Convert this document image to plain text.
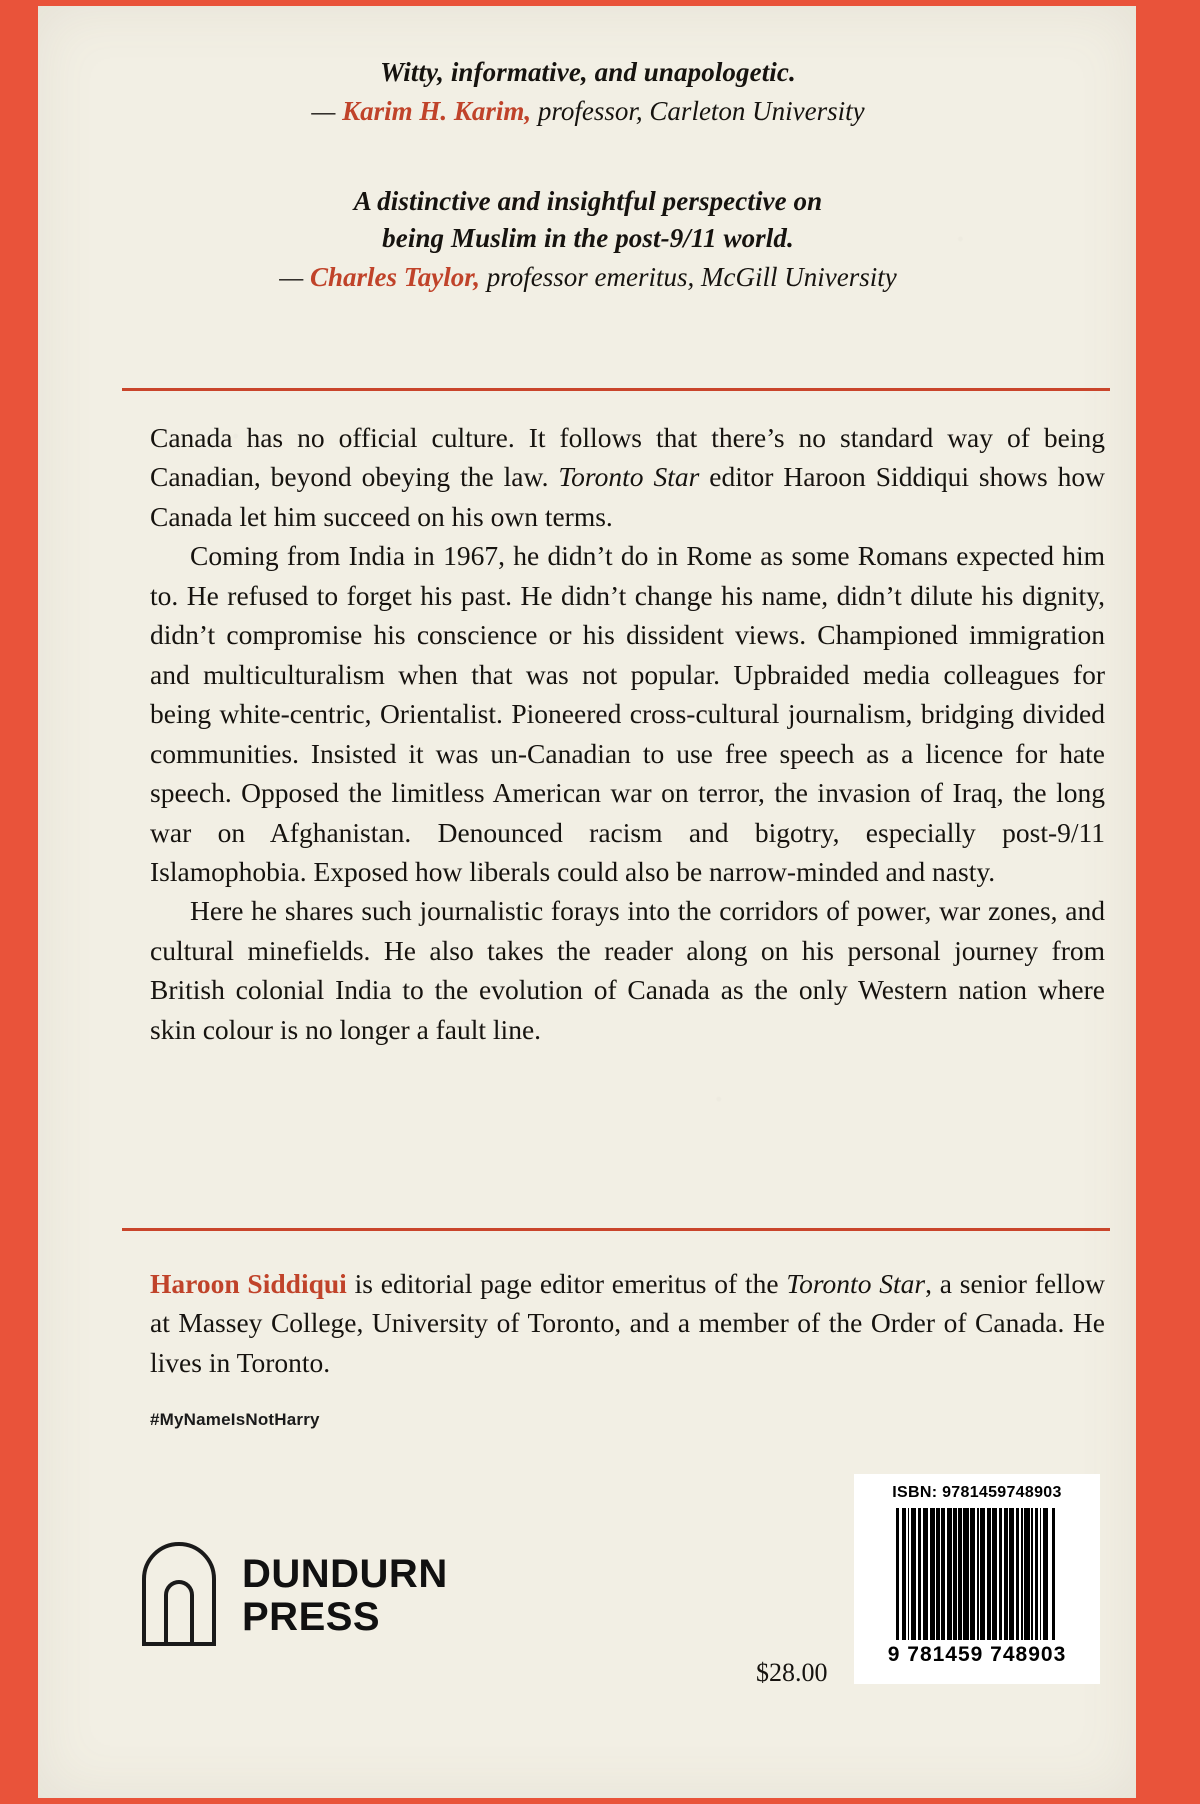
Witty, informative, and unapologetic.
— Karim H. Karim, professor, Carleton University
A distinctive and insightful perspective on
being Muslim in the post-9/11 world.
— Charles Taylor, professor emeritus, McGill University

Canada has no official culture. It follows that there’s no standard way of being Canadian, beyond obeying the law. Toronto Star editor Haroon Siddiqui shows how Canada let him succeed on his own terms.

Coming from India in 1967, he didn’t do in Rome as some Romans expected him to. He refused to forget his past. He didn’t change his name, didn’t dilute his dignity, didn’t compromise his conscience or his dissident views. Championed immigration and multiculturalism when that was not popular. Upbraided media colleagues for being white-centric, Orientalist. Pioneered cross-cultural journalism, bridging divided communities. Insisted it was un-Canadian to use free speech as a licence for hate speech. Opposed the limitless American war on terror, the invasion of Iraq, the long war on Afghanistan. Denounced racism and bigotry, especially post-9/11 Islamophobia. Exposed how liberals could also be narrow-minded and nasty.

Here he shares such journalistic forays into the corridors of power, war zones, and cultural minefields. He also takes the reader along on his personal journey from British colonial India to the evolution of Canada as the only Western nation where skin colour is no longer a fault line.

Haroon Siddiqui is editorial page editor emeritus of the Toronto Star, a senior fellow at Massey College, University of Toronto, and a member of the Order of Canada. He lives in Toronto.
#MyNameIsNotHarry
DUNDURN
PRESS
$28.00
ISBN: 9781459748903
9 781459 748903
